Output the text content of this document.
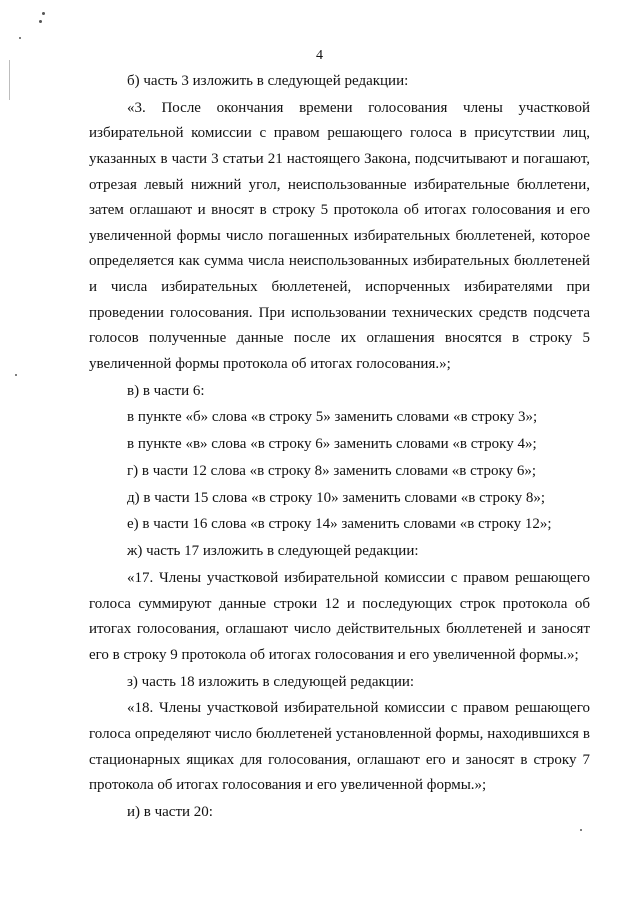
4

б) часть 3 изложить в следующей редакции:

«3. После окончания времени голосования члены участковой избирательной комиссии с правом решающего голоса в присутствии лиц, указанных в части 3 статьи 21 настоящего Закона, подсчитывают и погашают, отрезая левый нижний угол, неиспользованные избирательные бюллетени, затем оглашают и вносят в строку 5 протокола об итогах голосования и его увеличенной формы число погашенных избирательных бюллетеней, которое определяется как сумма числа неиспользованных избирательных бюллетеней и числа избирательных бюллетеней, испорченных избирателями при проведении голосования. При использовании технических средств подсчета голосов полученные данные после их оглашения вносятся в строку 5 увеличенной формы протокола об итогах голосования.»;

в) в части 6:

в пункте «б» слова «в строку 5» заменить словами «в строку 3»;

в пункте «в» слова «в строку 6» заменить словами «в строку 4»;

г) в части 12 слова «в строку 8» заменить словами «в строку 6»;

д) в части 15 слова «в строку 10» заменить словами «в строку 8»;

е) в части 16 слова «в строку 14» заменить словами «в строку 12»;

ж) часть 17 изложить в следующей редакции:

«17. Члены участковой избирательной комиссии с правом решающего голоса суммируют данные строки 12 и последующих строк протокола об итогах голосования, оглашают число действительных бюллетеней и заносят его в строку 9 протокола об итогах голосования и его увеличенной формы.»;

з) часть 18 изложить в следующей редакции:

«18. Члены участковой избирательной комиссии с правом решающего голоса определяют число бюллетеней установленной формы, находившихся в стационарных ящиках для голосования, оглашают его и заносят в строку 7 протокола об итогах голосования и его увеличенной формы.»;

и) в части 20:
